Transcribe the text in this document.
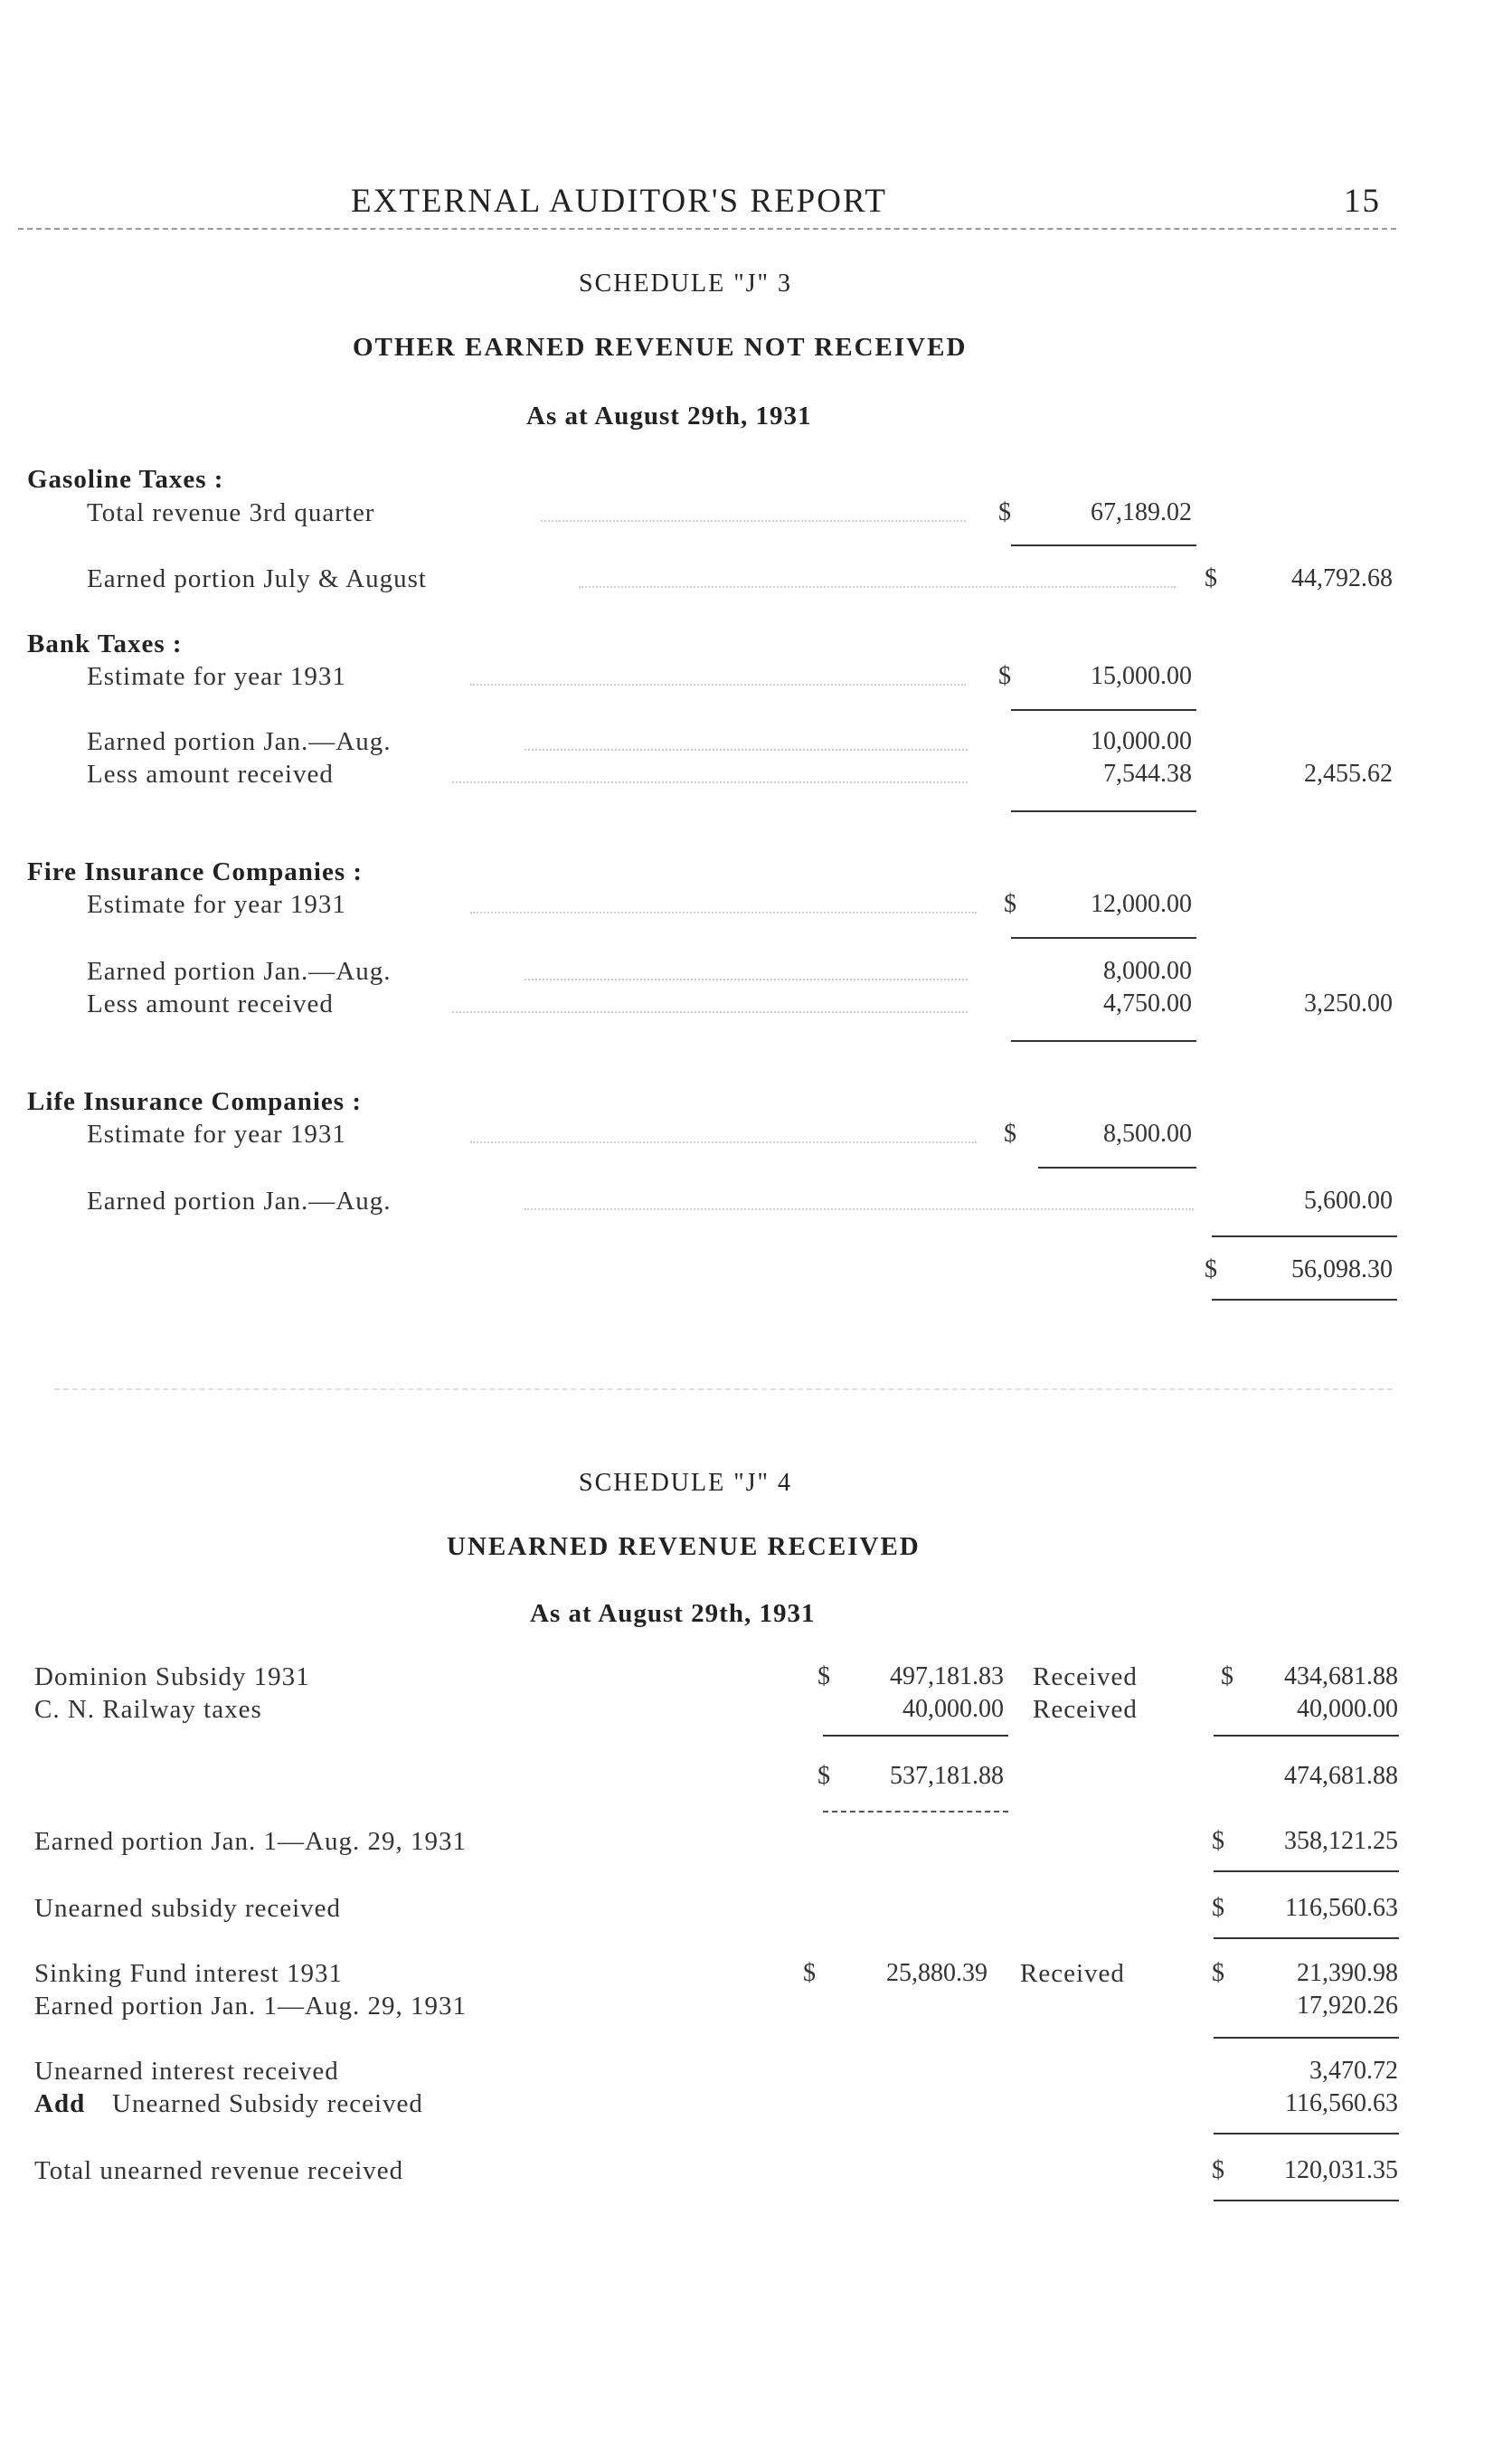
EXTERNAL AUDITOR'S REPORT	15
SCHEDULE "J" 3
OTHER EARNED REVENUE NOT RECEIVED
As at August 29th, 1931
Gasoline Taxes :
Total revenue 3rd quarter	$	67,189.02
Earned portion July & August	$	44,792.68
Bank Taxes :
Estimate for year 1931	$	15,000.00
Earned portion Jan.—Aug.	10,000.00
Less amount received	7,544.38	2,455.62
Fire Insurance Companies :
Estimate for year 1931	$	12,000.00
Earned portion Jan.—Aug.	8,000.00
Less amount received	4,750.00	3,250.00
Life Insurance Companies :
Estimate for year 1931	$	8,500.00
Earned portion Jan.—Aug.	5,600.00
$	56,098.30
SCHEDULE "J" 4
UNEARNED REVENUE RECEIVED
As at August 29th, 1931
Dominion Subsidy 1931	$	497,181.83 Received	$	434,681.88
C. N. Railway taxes	40,000.00 Received	40,000.00
$	537,181.88	474,681.88
Earned portion Jan. 1—Aug. 29, 1931	$	358,121.25
Unearned subsidy received	$	116,560.63
Sinking Fund interest 1931	$	25,880.39 Received	$	21,390.98
Earned portion Jan. 1—Aug. 29, 1931	17,920.26
Unearned interest received	3,470.72
Add Unearned Subsidy received	116,560.63
Total unearned revenue received	$	120,031.35
